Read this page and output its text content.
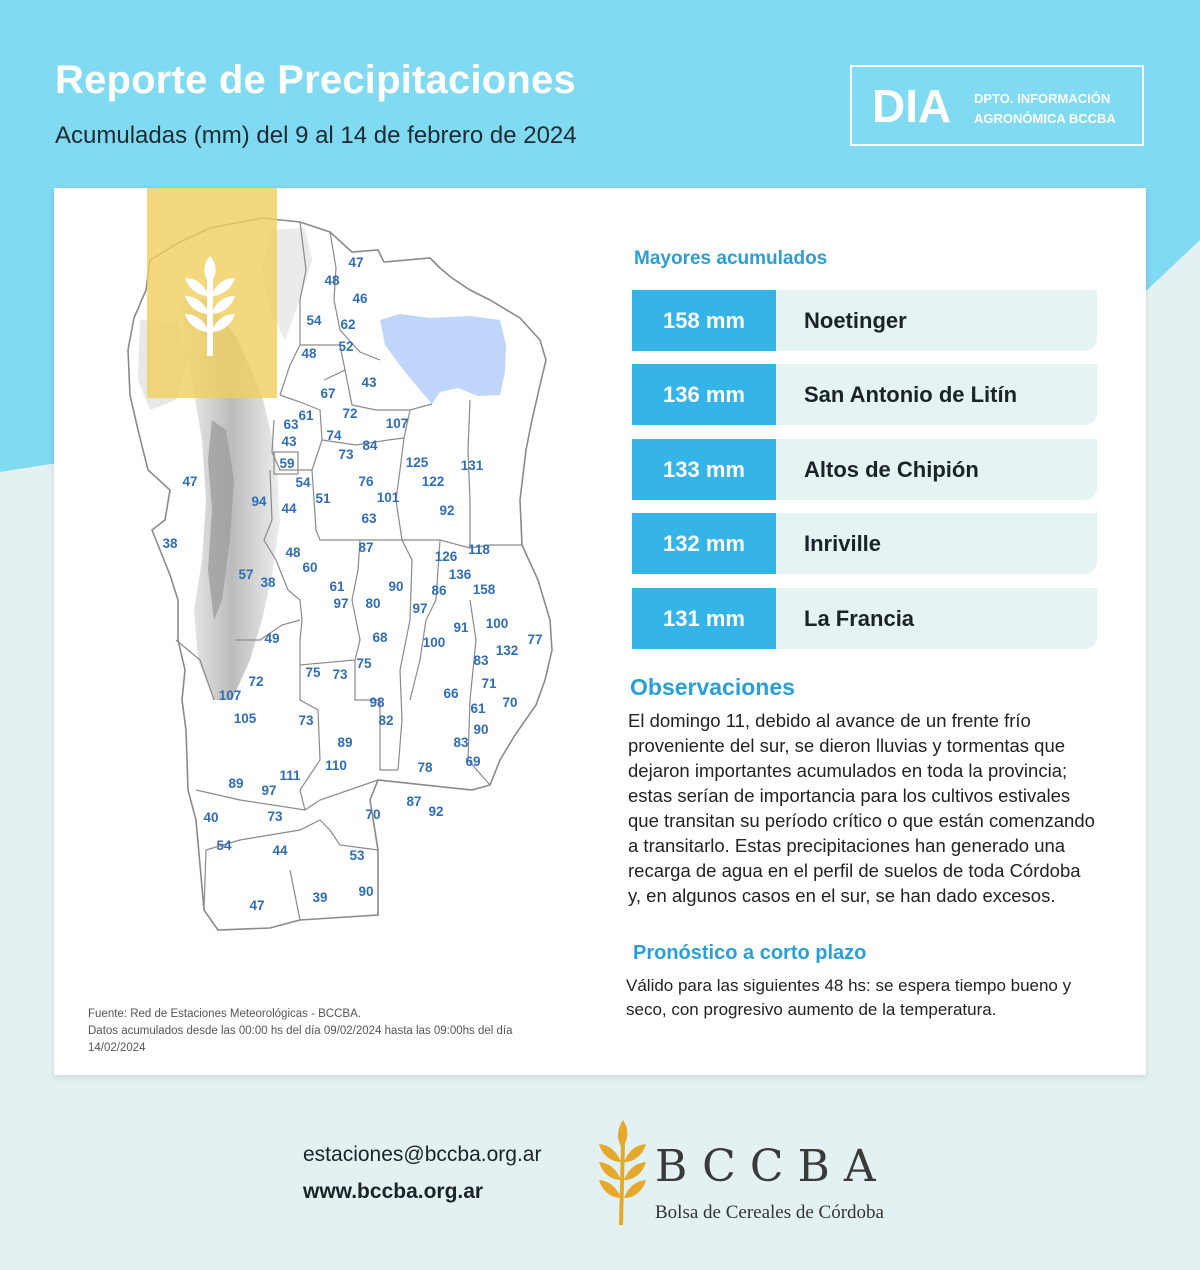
Reporte de Precipitaciones

Acumuladas (mm) del 9 al 14 de febrero de 2024

DIA DPTO. INFORMACIÓN
AGRONÓMICA BCCBA
47
48
46
54 62
52
48
43
67
63
61 72
107
43 74
84
73
59	125 131
47	54	76	122
51	101
94 44	92
63
38	87
48	126 118
60	136
57
38	61	90 86 158
97 80 97
91 100
68
49	100	77
132
83
75
75 73
72	71
107	66
70
98	61
105	73	82
90
89	83
110	69
78
111
89 97
87
92
70
40	73
54	44	53
90
39
47
Fuente: Red de Estaciones Meteorológicas - BCCBA.
Datos acumulados desde las 00:00 hs del día 09/02/2024 hasta las 09:00hs del día
14/02/2024
Mayores acumulados
158 mm	Noetinger
136 mm	San Antonio de Litín
133 mm	Altos de Chipión
132 mm	Inriville
131 mm	La Francia
Observaciones

El domingo 11, debido al avance de un frente frío proveniente del sur, se dieron lluvias y tormentas que dejaron importantes acumulados en toda la provincia; estas serían de importancia para los cultivos estivales que transitan su período crítico o que están comenzando a transitarlo. Estas precipitaciones han generado una recarga de agua en el perfil de suelos de toda Córdoba y, en algunos casos en el sur, se han dado excesos.

Pronóstico a corto plazo

Válido para las siguientes 48 hs: se espera tiempo bueno y seco, con progresivo aumento de la temperatura.

estaciones@bccba.org.ar
www.bccba.org.ar	BCCBA
Bolsa de Cereales de Córdoba
